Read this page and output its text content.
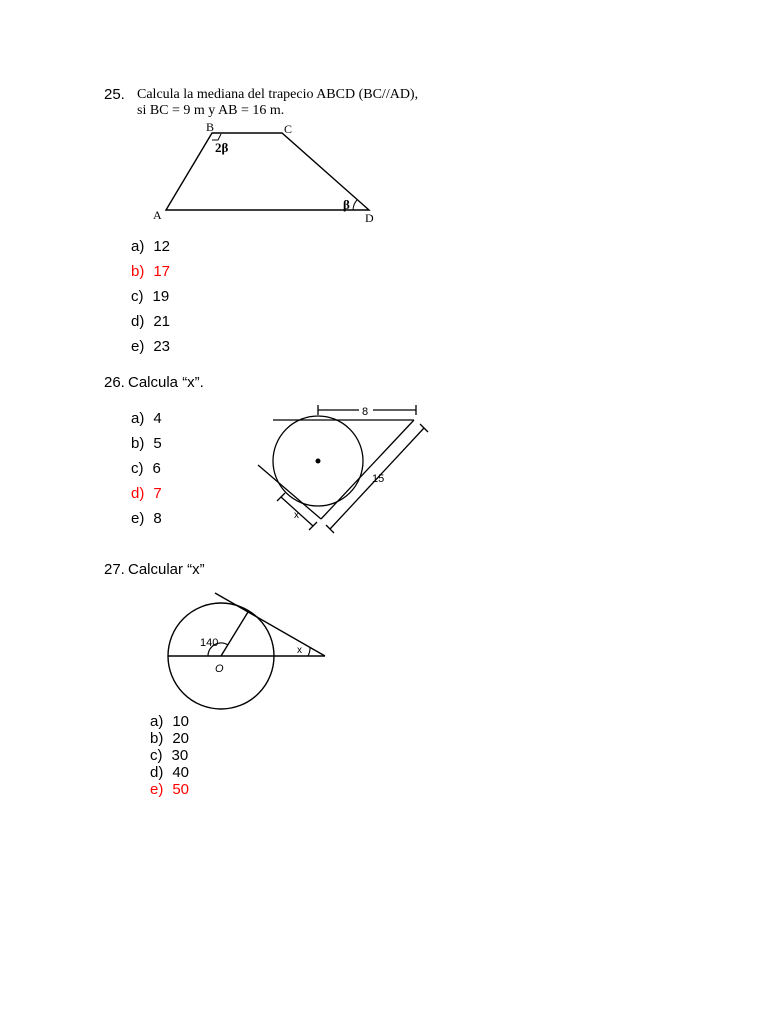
25. Calcula la mediana del trapecio ABCD (BC//AD),
si BC = 9 m y AB = 16 m.
A
B	C
D
2β
β
a) 12
b) 17
c) 19
d) 21
e) 23
26. Calcula “x”.
a) 4
b) 5
c) 6
d) 7
e) 8
8
15
x
27. Calcular “x”
140
O
x
a) 10
b) 20
c) 30
d) 40
e) 50
